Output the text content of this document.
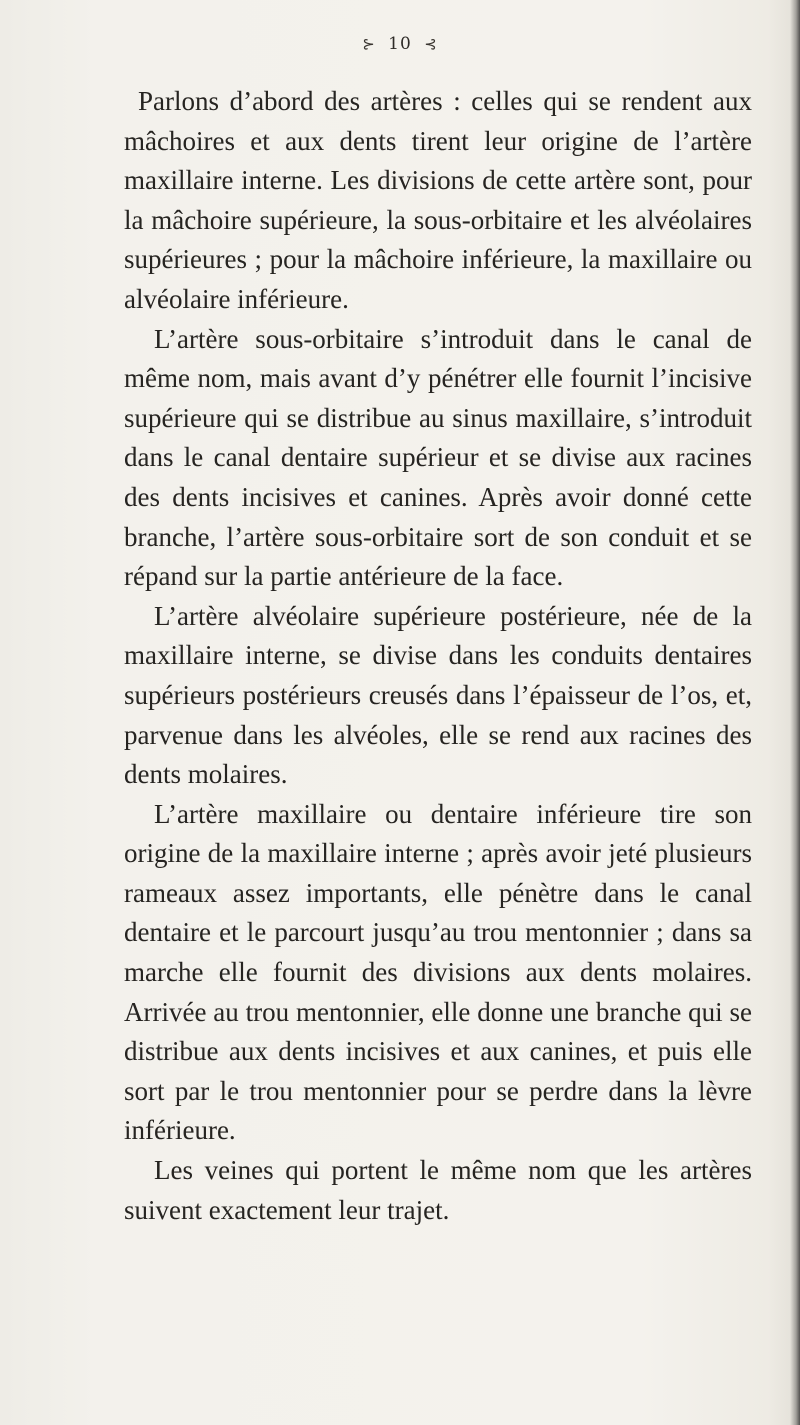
⊱ 10 ⊰

Parlons d’abord des artères : celles qui se rendent aux mâchoires et aux dents tirent leur origine de l’artère maxillaire interne. Les divisions de cette artère sont, pour la mâchoire supérieure, la sous-orbitaire et les alvéolaires supérieures ; pour la mâchoire inférieure, la maxillaire ou alvéolaire inférieure.

L’artère sous-orbitaire s’introduit dans le canal de même nom, mais avant d’y pénétrer elle fournit l’incisive supérieure qui se distribue au sinus maxillaire, s’introduit dans le canal dentaire supérieur et se divise aux racines des dents incisives et canines. Après avoir donné cette branche, l’artère sous-orbitaire sort de son conduit et se répand sur la partie antérieure de la face.

L’artère alvéolaire supérieure postérieure, née de la maxillaire interne, se divise dans les conduits dentaires supérieurs postérieurs creusés dans l’épaisseur de l’os, et, parvenue dans les alvéoles, elle se rend aux racines des dents molaires.

L’artère maxillaire ou dentaire inférieure tire son origine de la maxillaire interne ; après avoir jeté plusieurs rameaux assez importants, elle pénètre dans le canal dentaire et le parcourt jusqu’au trou mentonnier ; dans sa marche elle fournit des divisions aux dents molaires. Arrivée au trou mentonnier, elle donne une branche qui se distribue aux dents incisives et aux canines, et puis elle sort par le trou mentonnier pour se perdre dans la lèvre inférieure.

Les veines qui portent le même nom que les artères suivent exactement leur trajet.
